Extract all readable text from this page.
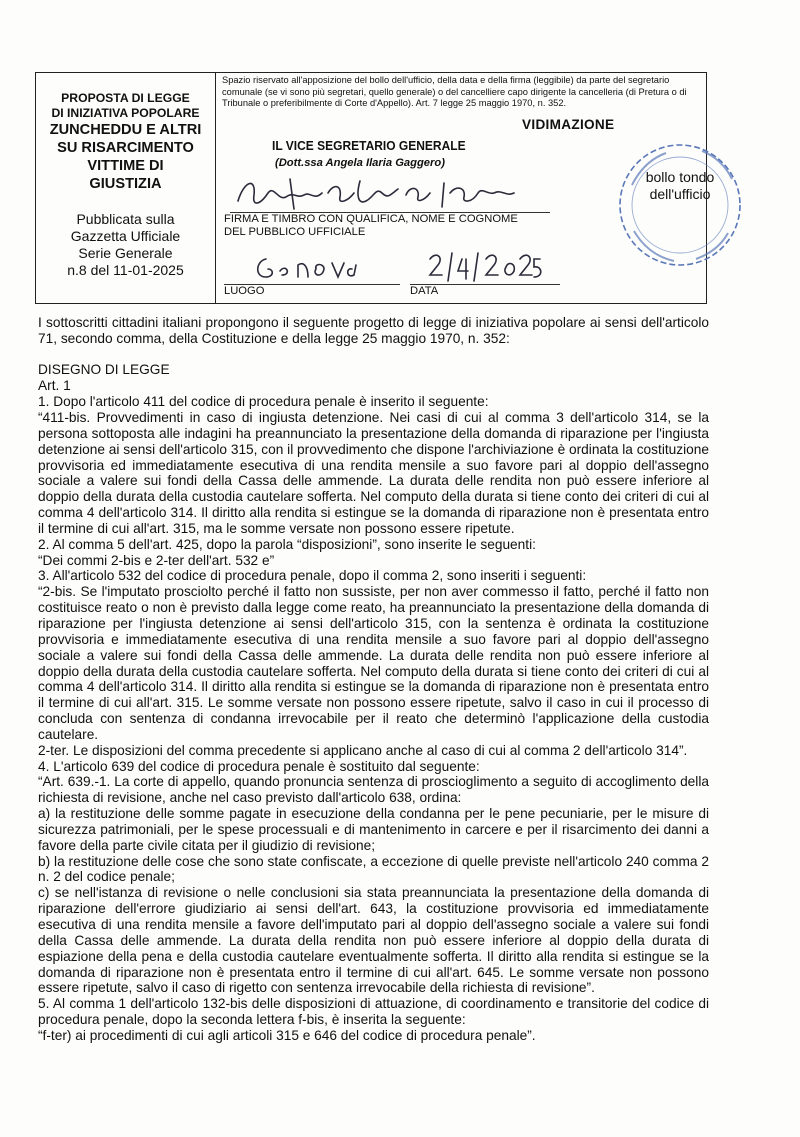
PROPOSTA DI LEGGE
DI INIZIATIVA POPOLARE
ZUNCHEDDU E ALTRI
SU RISARCIMENTO
VITTIME DI
GIUSTIZIA
Pubblicata sulla
Gazzetta Ufficiale
Serie Generale
n.8 del 11-01-2025
Spazio riservato all'apposizione del bollo dell'ufficio, della data e della firma (leggibile) da parte del segretario comunale (se vi sono più segretari, quello generale) o del cancelliere capo dirigente la cancelleria (di Pretura o di Tribunale o preferibilmente di Corte d'Appello). Art. 7 legge 25 maggio 1970, n. 352.
VIDIMAZIONE
IL VICE SEGRETARIO GENERALE
(Dott.ssa Angela Ilaria Gaggero)
FIRMA E TIMBRO CON QUALIFICA, NOME E COGNOME
DEL PUBBLICO UFFICIALE
bollo tondo
dell'ufficio
LUOGO	DATA

I sottoscritti cittadini italiani propongono il seguente progetto di legge di iniziativa popolare ai sensi dell'articolo 71, secondo comma, della Costituzione e della legge 25 maggio 1970, n. 352:

DISEGNO DI LEGGE

Art. 1

1. Dopo l'articolo 411 del codice di procedura penale è inserito il seguente:

“411-bis. Provvedimenti in caso di ingiusta detenzione. Nei casi di cui al comma 3 dell'articolo 314, se la persona sottoposta alle indagini ha preannunciato la presentazione della domanda di riparazione per l'ingiusta detenzione ai sensi dell'articolo 315, con il provvedimento che dispone l'archiviazione è ordinata la costituzione provvisoria ed immediatamente esecutiva di una rendita mensile a suo favore pari al doppio dell'assegno sociale a valere sui fondi della Cassa delle ammende. La durata delle rendita non può essere inferiore al doppio della durata della custodia cautelare sofferta. Nel computo della durata si tiene conto dei criteri di cui al comma 4 dell'articolo 314. Il diritto alla rendita si estingue se la domanda di riparazione non è presentata entro il termine di cui all'art. 315, ma le somme versate non possono essere ripetute.

2. Al comma 5 dell'art. 425, dopo la parola “disposizioni”, sono inserite le seguenti:

“Dei commi 2-bis e 2-ter dell'art. 532 e”

3. All'articolo 532 del codice di procedura penale, dopo il comma 2, sono inseriti i seguenti:

“2-bis. Se l'imputato prosciolto perché il fatto non sussiste, per non aver commesso il fatto, perché il fatto non costituisce reato o non è previsto dalla legge come reato, ha preannunciato la presentazione della domanda di riparazione per l'ingiusta detenzione ai sensi dell'articolo 315, con la sentenza è ordinata la costituzione provvisoria e immediatamente esecutiva di una rendita mensile a suo favore pari al doppio dell'assegno sociale a valere sui fondi della Cassa delle ammende. La durata delle rendita non può essere inferiore al doppio della durata della custodia cautelare sofferta. Nel computo della durata si tiene conto dei criteri di cui al comma 4 dell'articolo 314. Il diritto alla rendita si estingue se la domanda di riparazione non è presentata entro il termine di cui all'art. 315. Le somme versate non possono essere ripetute, salvo il caso in cui il processo di concluda con sentenza di condanna irrevocabile per il reato che determinò l'applicazione della custodia cautelare.

2-ter. Le disposizioni del comma precedente si applicano anche al caso di cui al comma 2 dell'articolo 314”.

4. L'articolo 639 del codice di procedura penale è sostituito dal seguente:

“Art. 639.-1. La corte di appello, quando pronuncia sentenza di proscioglimento a seguito di accoglimento della richiesta di revisione, anche nel caso previsto dall'articolo 638, ordina:

a) la restituzione delle somme pagate in esecuzione della condanna per le pene pecuniarie, per le misure di sicurezza patrimoniali, per le spese processuali e di mantenimento in carcere e per il risarcimento dei danni a favore della parte civile citata per il giudizio di revisione;

b) la restituzione delle cose che sono state confiscate, a eccezione di quelle previste nell'articolo 240 comma 2 n. 2 del codice penale;

c) se nell'istanza di revisione o nelle conclusioni sia stata preannunciata la presentazione della domanda di riparazione dell'errore giudiziario ai sensi dell'art. 643, la costituzione provvisoria ed immediatamente esecutiva di una rendita mensile a favore dell'imputato pari al doppio dell'assegno sociale a valere sui fondi della Cassa delle ammende. La durata della rendita non può essere inferiore al doppio della durata di espiazione della pena e della custodia cautelare eventualmente sofferta. Il diritto alla rendita si estingue se la domanda di riparazione non è presentata entro il termine di cui all'art. 645. Le somme versate non possono essere ripetute, salvo il caso di rigetto con sentenza irrevocabile della richiesta di revisione”.

5. Al comma 1 dell'articolo 132-bis delle disposizioni di attuazione, di coordinamento e transitorie del codice di procedura penale, dopo la seconda lettera f-bis, è inserita la seguente:

“f-ter) ai procedimenti di cui agli articoli 315 e 646 del codice di procedura penale”.
